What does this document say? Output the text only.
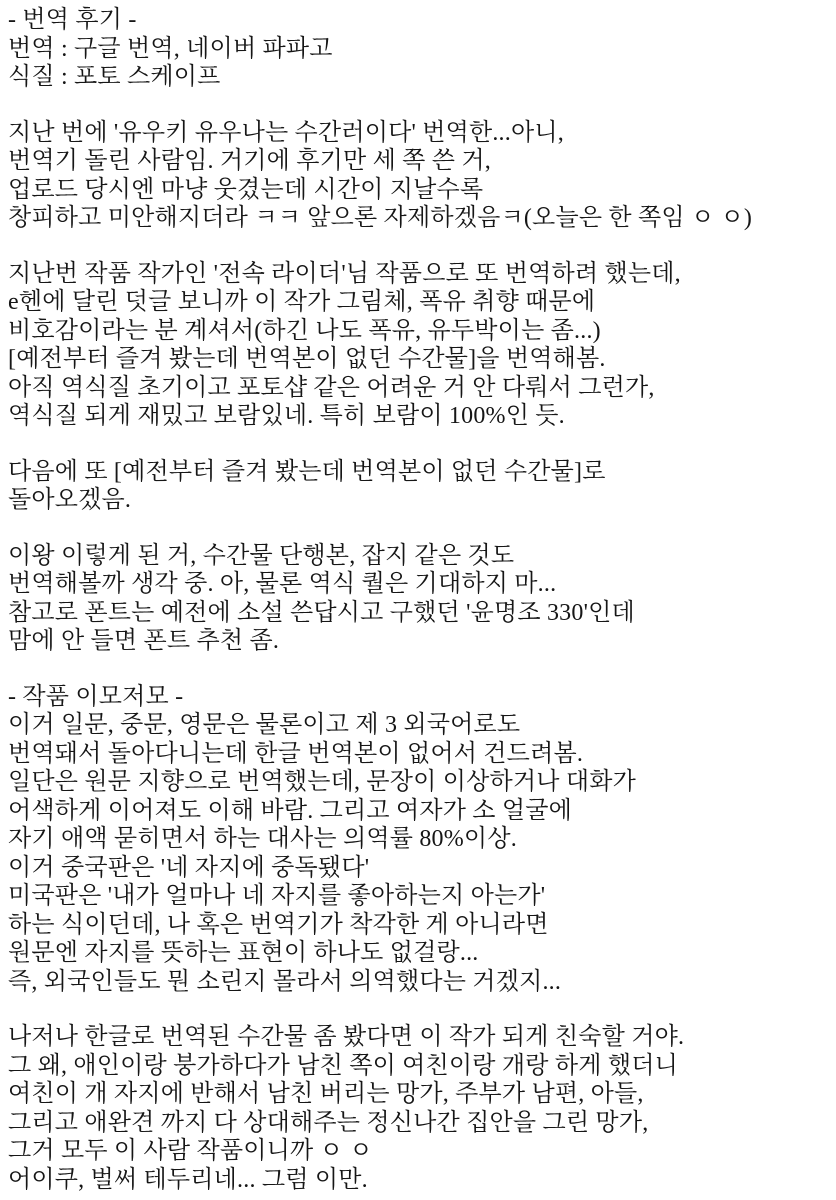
- 번역 후기 -
번역 : 구글 번역, 네이버 파파고
식질 : 포토 스케이프
지난 번에 '유우키 유우나는 수간러이다' 번역한...아니,
번역기 돌린 사람임. 거기에 후기만 세 쪽 쓴 거,
업로드 당시엔 마냥 웃겼는데 시간이 지날수록
창피하고 미안해지더라 ㅋㅋ 앞으론 자제하겠음ㅋ(오늘은 한 쪽임 ㅇ ㅇ)
지난번 작품 작가인 '전속 라이더'님 작품으로 또 번역하려 했는데,
e헨에 달린 덧글 보니까 이 작가 그림체, 폭유 취향 때문에
비호감이라는 분 계셔서(하긴 나도 폭유, 유두박이는 좀...)
[예전부터 즐겨 봤는데 번역본이 없던 수간물]을 번역해봄.
아직 역식질 초기이고 포토샵 같은 어려운 거 안 다뤄서 그런가,
역식질 되게 재밌고 보람있네. 특히 보람이 100%인 듯.
다음에 또 [예전부터 즐겨 봤는데 번역본이 없던 수간물]로
돌아오겠음.
이왕 이렇게 된 거, 수간물 단행본, 잡지 같은 것도
번역해볼까 생각 중. 아, 물론 역식 퀄은 기대하지 마...
참고로 폰트는 예전에 소설 쓴답시고 구했던 '윤명조 330'인데
맘에 안 들면 폰트 추천 좀.
- 작품 이모저모 -
이거 일문, 중문, 영문은 물론이고 제 3 외국어로도
번역돼서 돌아다니는데 한글 번역본이 없어서 건드려봄.
일단은 원문 지향으로 번역했는데, 문장이 이상하거나 대화가
어색하게 이어져도 이해 바람. 그리고 여자가 소 얼굴에
자기 애액 묻히면서 하는 대사는 의역률 80%이상.
이거 중국판은 '네 자지에 중독됐다'
미국판은 '내가 얼마나 네 자지를 좋아하는지 아는가'
하는 식이던데, 나 혹은 번역기가 착각한 게 아니라면
원문엔 자지를 뜻하는 표현이 하나도 없걸랑...
즉, 외국인들도 뭔 소린지 몰라서 의역했다는 거겠지...
나저나 한글로 번역된 수간물 좀 봤다면 이 작가 되게 친숙할 거야.
그 왜, 애인이랑 붕가하다가 남친 쪽이 여친이랑 개랑 하게 했더니
여친이 개 자지에 반해서 남친 버리는 망가, 주부가 남편, 아들,
그리고 애완견 까지 다 상대해주는 정신나간 집안을 그린 망가,
그거 모두 이 사람 작품이니까 ㅇ ㅇ
어이쿠, 벌써 테두리네... 그럼 이만.
